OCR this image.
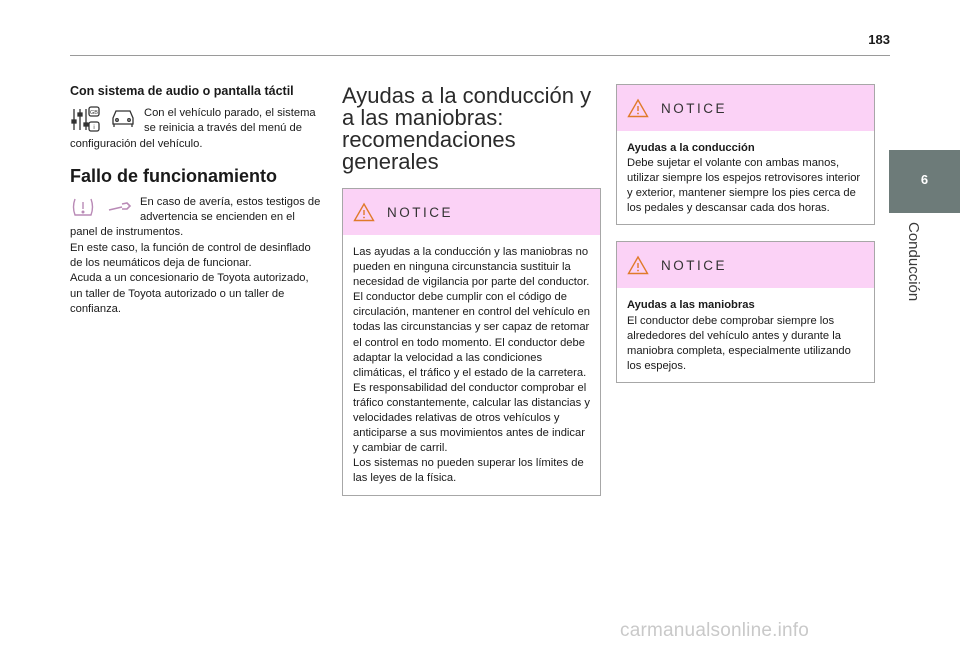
183
6
Conducción
Con sistema de audio o pantalla táctil
GB
i
Con el vehículo parado, el sistema se reinicia a través del menú de configuración del vehículo.
Fallo de funcionamiento
En caso de avería, estos testigos de advertencia se encienden en el panel de instrumentos.
En este caso, la función de control de desinflado de los neumáticos deja de funcionar.
Acuda a un concesionario de Toyota autorizado, un taller de Toyota autorizado o un taller de confianza.
Ayudas a la conducción y a las maniobras: recomendaciones generales
NOTICE
Las ayudas a la conducción y las maniobras no pueden en ninguna circunstancia sustituir la necesidad de vigilancia por parte del conductor.
El conductor debe cumplir con el código de circulación, mantener en control del vehículo en todas las circunstancias y ser capaz de retomar el control en todo momento. El conductor debe adaptar la velocidad a las condiciones climáticas, el tráfico y el estado de la carretera.
Es responsabilidad del conductor comprobar el tráfico constantemente, calcular las distancias y velocidades relativas de otros vehículos y anticiparse a sus movimientos antes de indicar y cambiar de carril.
Los sistemas no pueden superar los límites de las leyes de la física.
NOTICE
Ayudas a la conducción
Debe sujetar el volante con ambas manos, utilizar siempre los espejos retrovisores interior y exterior, mantener siempre los pies cerca de los pedales y descansar cada dos horas.
NOTICE
Ayudas a las maniobras
El conductor debe comprobar siempre los alrededores del vehículo antes y durante la maniobra completa, especialmente utilizando los espejos.
carmanualsonline.info
